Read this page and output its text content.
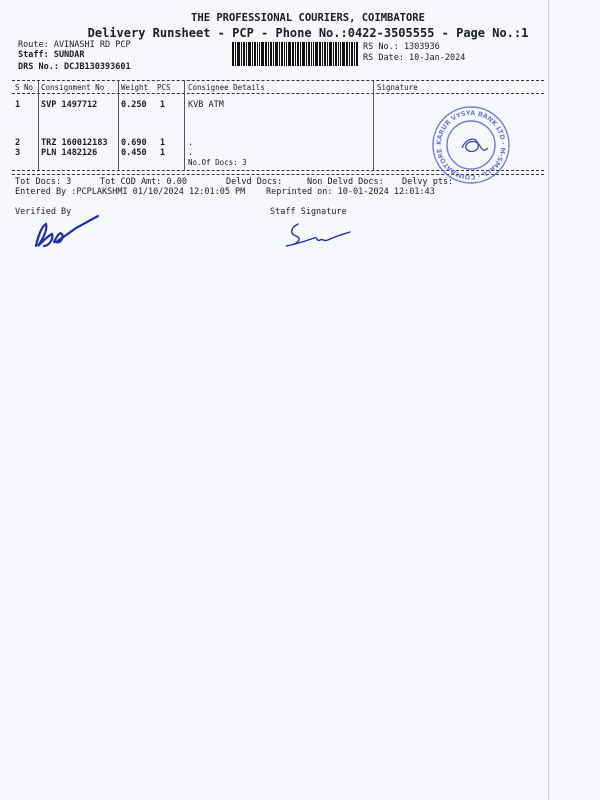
THE PROFESSIONAL COURIERS, COIMBATORE
Delivery Runsheet - PCP - Phone No.:0422-3505555 - Page No.:1
Route: AVINASHI RD PCP
Staff: SUNDAR
DRS No.: DCJB130393601
RS No.: 1303936
RS Date: 10-Jan-2024
S No Consignment No Weight PCS Consignee Details	Signature
1 SVP 1497712	0.250 1	KVB ATM
2 TRZ 160012183 0.690 1	.
3 PLN 1482126	0.450 1	.
No.Of Docs: 3
KARUR VYSYA BANK LTD · M-SMALL · COIMBATORE
Tot Docs: 3	Tot COD Amt: 0.00	Delvd Docs:	Non Delvd Docs: Delvy pts:
Entered By :PCPLAKSHMI 01/10/2024 12:01:05 PM Reprinted on: 10-01-2024 12:01:43
Verified By	Staff Signature
